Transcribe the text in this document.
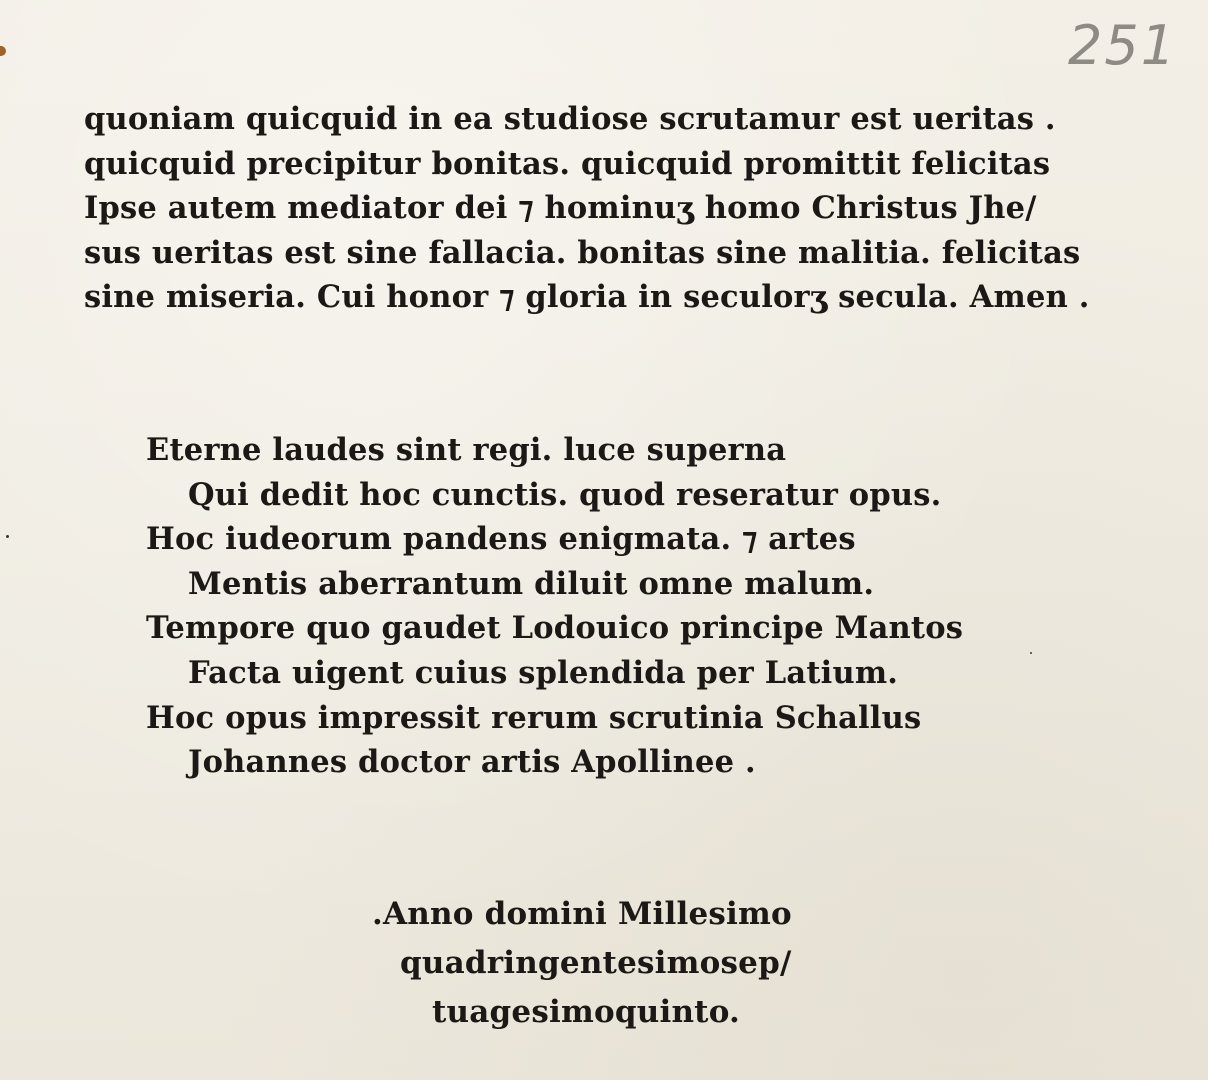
251

quoniam quicquid in ea studiose scrutamur est ueritas .
quicquid precipitur bonitas. quicquid promittit felicitas
Ipse autem mediator dei ⁊ hominuʒ homo Christus Jhe/
sus ueritas est sine fallacia. bonitas sine malitia. felicitas
sine miseria. Cui honor ⁊ gloria in seculorʒ secula. Amen .
Eterne laudes sint regi. luce superna
Qui dedit hoc cunctis. quod reseratur opus.
Hoc iudeorum pandens enigmata. ⁊ artes
Mentis aberrantum diluit omne malum.
Tempore quo gaudet Lodouico principe Mantos
Facta uigent cuius splendida per Latium.
Hoc opus impressit rerum scrutinia Schallus
Johannes doctor artis Apollinee .
.Anno domini Millesimo
quadringentesimosep/
tuagesimoquinto.
